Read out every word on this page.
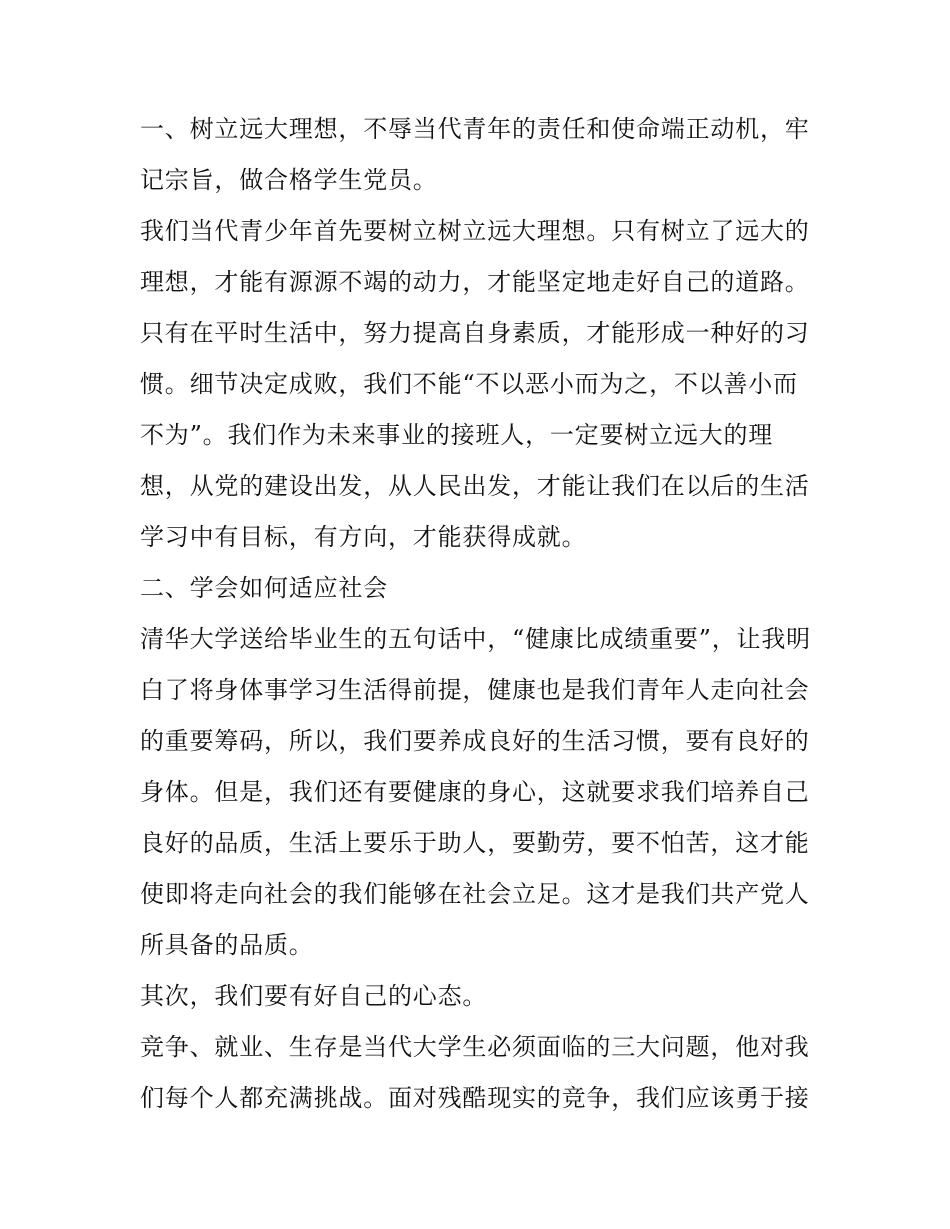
一、树立远大理想，不辱当代青年的责任和使命端正动机，牢
记宗旨，做合格学生党员。
我们当代青少年首先要树立树立远大理想。只有树立了远大的
理想，才能有源源不竭的动力，才能坚定地走好自己的道路。
只有在平时生活中，努力提高自身素质，才能形成一种好的习
惯。细节决定成败，我们不能“不以恶小而为之，不以善小而
不为”。我们作为未来事业的接班人，一定要树立远大的理
想，从党的建设出发，从人民出发，才能让我们在以后的生活
学习中有目标，有方向，才能获得成就。
二、学会如何适应社会
清华大学送给毕业生的五句话中，“健康比成绩重要”，让我明
白了将身体事学习生活得前提，健康也是我们青年人走向社会
的重要筹码，所以，我们要养成良好的生活习惯，要有良好的
身体。但是，我们还有要健康的身心，这就要求我们培养自己
良好的品质，生活上要乐于助人，要勤劳，要不怕苦，这才能
使即将走向社会的我们能够在社会立足。这才是我们共产党人
所具备的品质。
其次，我们要有好自己的心态。
竞争、就业、生存是当代大学生必须面临的三大问题，他对我
们每个人都充满挑战。面对残酷现实的竞争，我们应该勇于接
